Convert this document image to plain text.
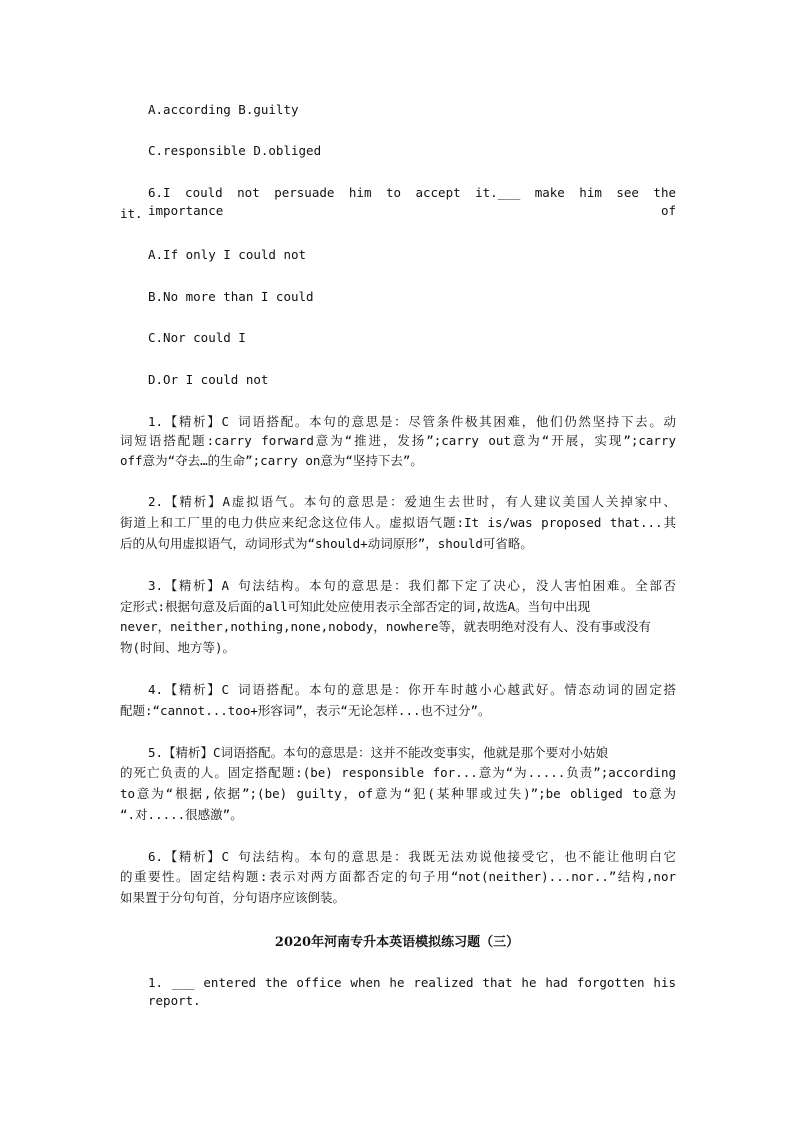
A.according B.guilty
C.responsible D.obliged
6.I could not persuade him to accept it.___ make him see the importance of
it.
A.If only I could not
B.No more than I could
C.Nor could I
D.Or I could not
1.【精析】C 词语搭配。本句的意思是：尽管条件极其困难，他们仍然坚持下去。动
词短语搭配题:carry forward意为“推进，发扬”;carry out意为“开展，实现”;carry
off意为“夺去…的生命”;carry on意为“坚持下去”。
2.【精析】A虚拟语气。本句的意思是：爱迪生去世时，有人建议美国人关掉家中、
街道上和工厂里的电力供应来纪念这位伟人。虚拟语气题:It is/was proposed that...其
后的从句用虚拟语气，动词形式为“should+动词原形”，should可省略。
3.【精析】A 句法结构。本句的意思是：我们都下定了决心，没人害怕困难。全部否
定形式:根据句意及后面的all可知此处应使用表示全部否定的词,故选A。当句中出现
never，neither,nothing,none,nobody，nowhere等，就表明绝对没有人、没有事或没有
物(时间、地方等)。
4.【精析】C 词语搭配。本句的意思是：你开车时越小心越武好。情态动词的固定搭
配题:“cannot...too+形容词”，表示“无论怎样...也不过分”。
5.【精析】C词语搭配。本句的意思是：这并不能改变事实，他就是那个要对小姑娘
的死亡负责的人。固定搭配题:(be) responsible for...意为“为.....负责”;according
to意为“根据,依据”;(be) guilty，of意为“犯(某种罪或过失)”;be obliged to意为
“.对.....很感激”。
6.【精析】C 句法结构。本句的意思是：我既无法劝说他接受它，也不能让他明白它
的重要性。固定结构题:表示对两方面都否定的句子用“not(neither)...nor..”结构,nor
如果置于分句句首，分句语序应该倒装。
2020年河南专升本英语模拟练习题（三）
1. ___ entered the office when he realized that he had forgotten his report.
